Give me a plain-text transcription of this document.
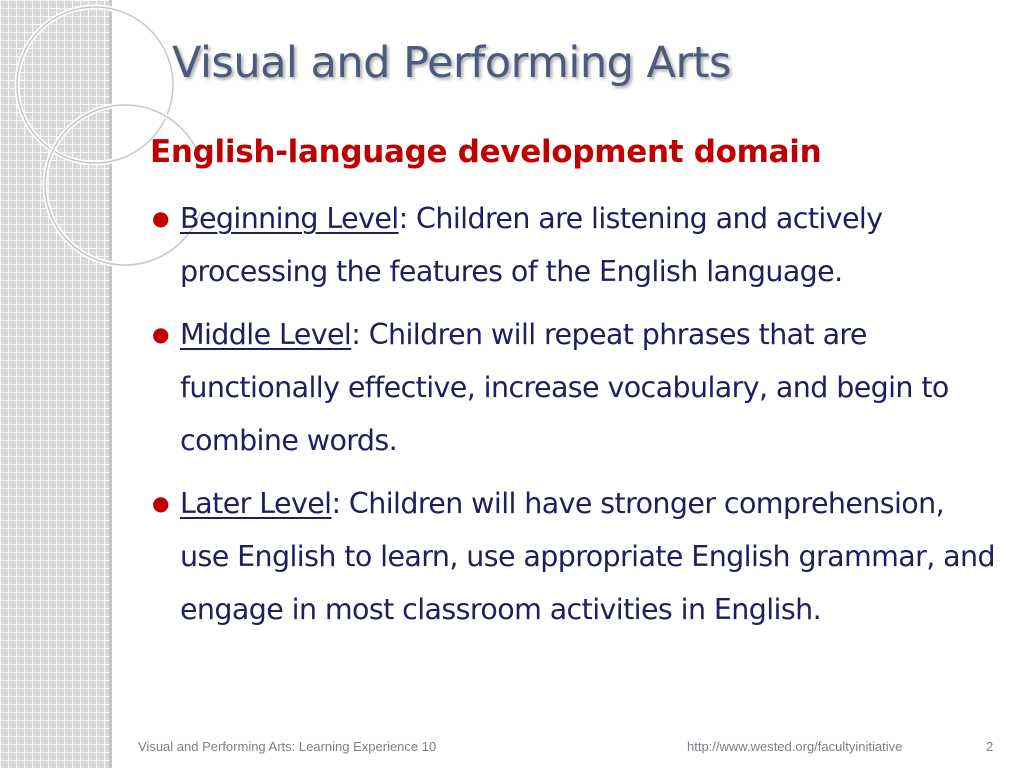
Visual and Performing Arts
English-language development domain
● Beginning Level: Children are listening and actively processing the features of the English language.
● Middle Level: Children will repeat phrases that are functionally effective, increase vocabulary, and begin to combine words.
● Later Level: Children will have stronger comprehension, use English to learn, use appropriate English grammar, and engage in most classroom activities in English.
Visual and Performing Arts: Learning Experience 10	http://www.wested.org/facultyinitiative	2
